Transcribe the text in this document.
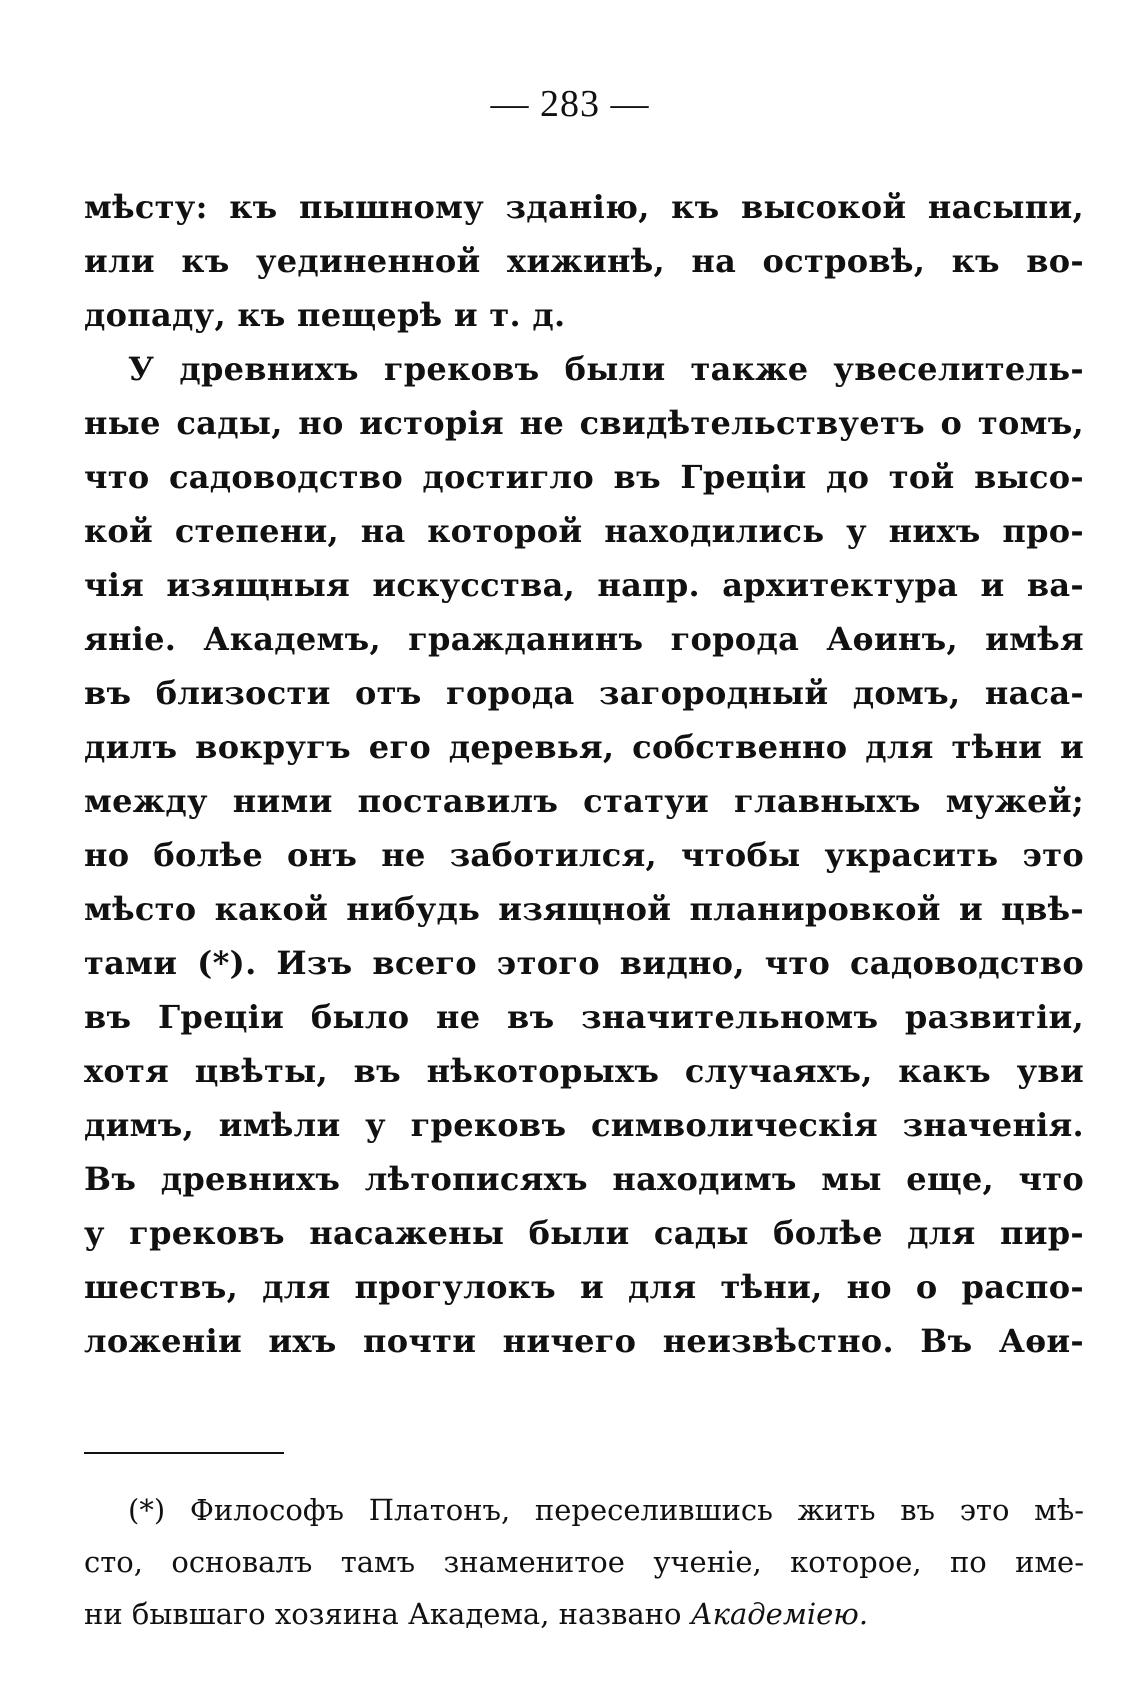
— 283 —
мѣсту: къ пышному зданію, къ высокой насыпи,
или къ уединенной хижинѣ, на островѣ, къ во-
допаду, къ пещерѣ и т. д.
У древнихъ грековъ были также увеселитель-
ные сады, но исторія не свидѣтельствуетъ о томъ,
что садоводство достигло въ Греціи до той высо-
кой степени, на которой находились у нихъ про-
чія изящныя искусства, напр. архитектура и ва-
яніе. Академъ, гражданинъ города Аѳинъ, имѣя
въ близости отъ города загородный домъ, наса-
дилъ вокругъ его деревья, собственно для тѣни и
между ними поставилъ статуи главныхъ мужей;
но болѣе онъ не заботился, чтобы украсить это
мѣсто какой нибудь изящной планировкой и цвѣ-
тами (*). Изъ всего этого видно, что садоводство
въ Греціи было не въ значительномъ развитіи,
хотя цвѣты, въ нѣкоторыхъ случаяхъ, какъ уви
димъ, имѣли у грековъ символическія значенія.
Въ древнихъ лѣтописяхъ находимъ мы еще, что
у грековъ насажены были сады болѣе для пир-
шествъ, для прогулокъ и для тѣни, но о распо-
ложеніи ихъ почти ничего неизвѣстно. Въ Аѳи-
(*) Философъ Платонъ, переселившись жить въ это мѣ-
сто, основалъ тамъ знаменитое ученіе, которое, по име-
ни бывшаго хозяина Академа, названо Академіею.
